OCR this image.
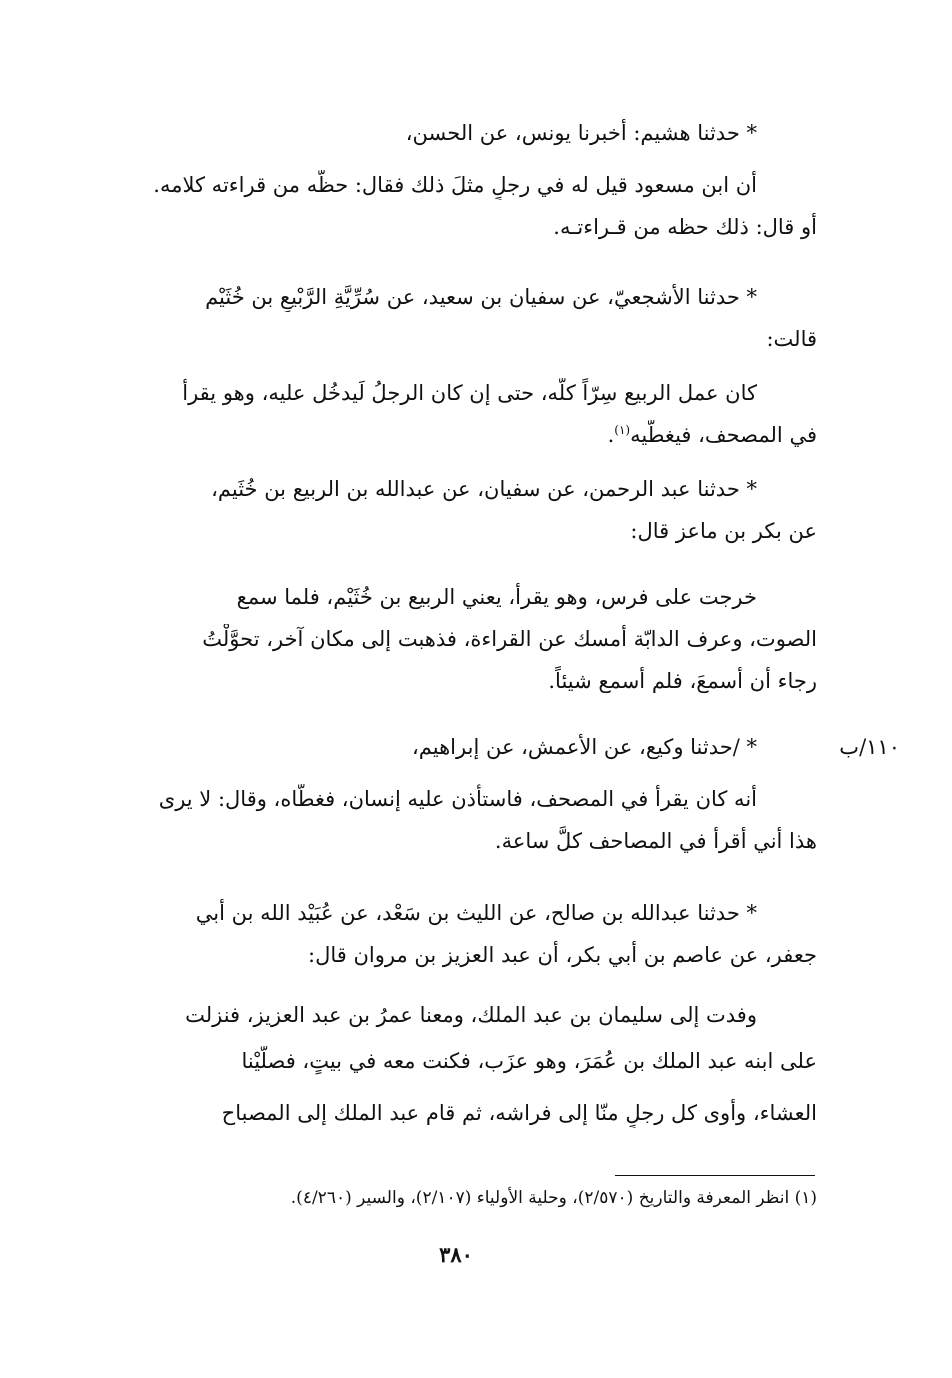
* حدثنا هشيم: أخبرنا يونس، عن الحسن،
أن ابن مسعود قيل له في رجلٍ مثلَ ذلك فقال: حظُّه من قراءته كلامه.
أو قال: ذلك حظه من قـراءتـه.
* حدثنا الأشجعيّ، عن سفيان بن سعيد، عن سُرِّيَّةِ الرَّبْيعِ بن خُثَيْم
قالت:
كان عمل الربيع سِرّاً كلَّه، حتى إن كان الرجلُ لَيدخُل عليه، وهو يقرأ
في المصحف، فيغطّيه$^{(١)}$.
* حدثنا عبد الرحمن، عن سفيان، عن عبدالله بن الربيع بن خُثَيم،
عن بكر بن ماعز قال:
خرجت على فرس، وهو يقرأ، يعني الربيع بن خُثَيْم، فلما سمع
الصوت، وعرف الدابّة أمسك عن القراءة، فذهبت إلى مكان آخر، تحوَّلْتُ
رجاء أن أسمعَ، فلم أسمع شيئاً.
١١٠/ب
* /حدثنا وكيع، عن الأعمش، عن إبراهيم،
أنه كان يقرأ في المصحف، فاستأذن عليه إنسان، فغطَّاه، وقال: لا يرى
هذا أني أقرأ في المصاحف كلَّ ساعة.
* حدثنا عبدالله بن صالح، عن الليث بن سَعْد، عن عُبَيْد الله بن أبي
جعفر، عن عاصم بن أبي بكر، أن عبد العزيز بن مروان قال:
وفدت إلى سليمان بن عبد الملك، ومعنا عمرُ بن عبد العزيز، فنزلت
على ابنه عبد الملك بن عُمَرَ، وهو عزَب، فكنت معه في بيتٍ، فصلَّيْنا
العشاء، وأوى كل رجلٍ منّا إلى فراشه، ثم قام عبد الملك إلى المصباح
(١) انظر المعرفة والتاريخ (٢/٥٧٠)، وحلية الأولياء (٢/١٠٧)، والسير (٤/٢٦٠).
٣٨٠
